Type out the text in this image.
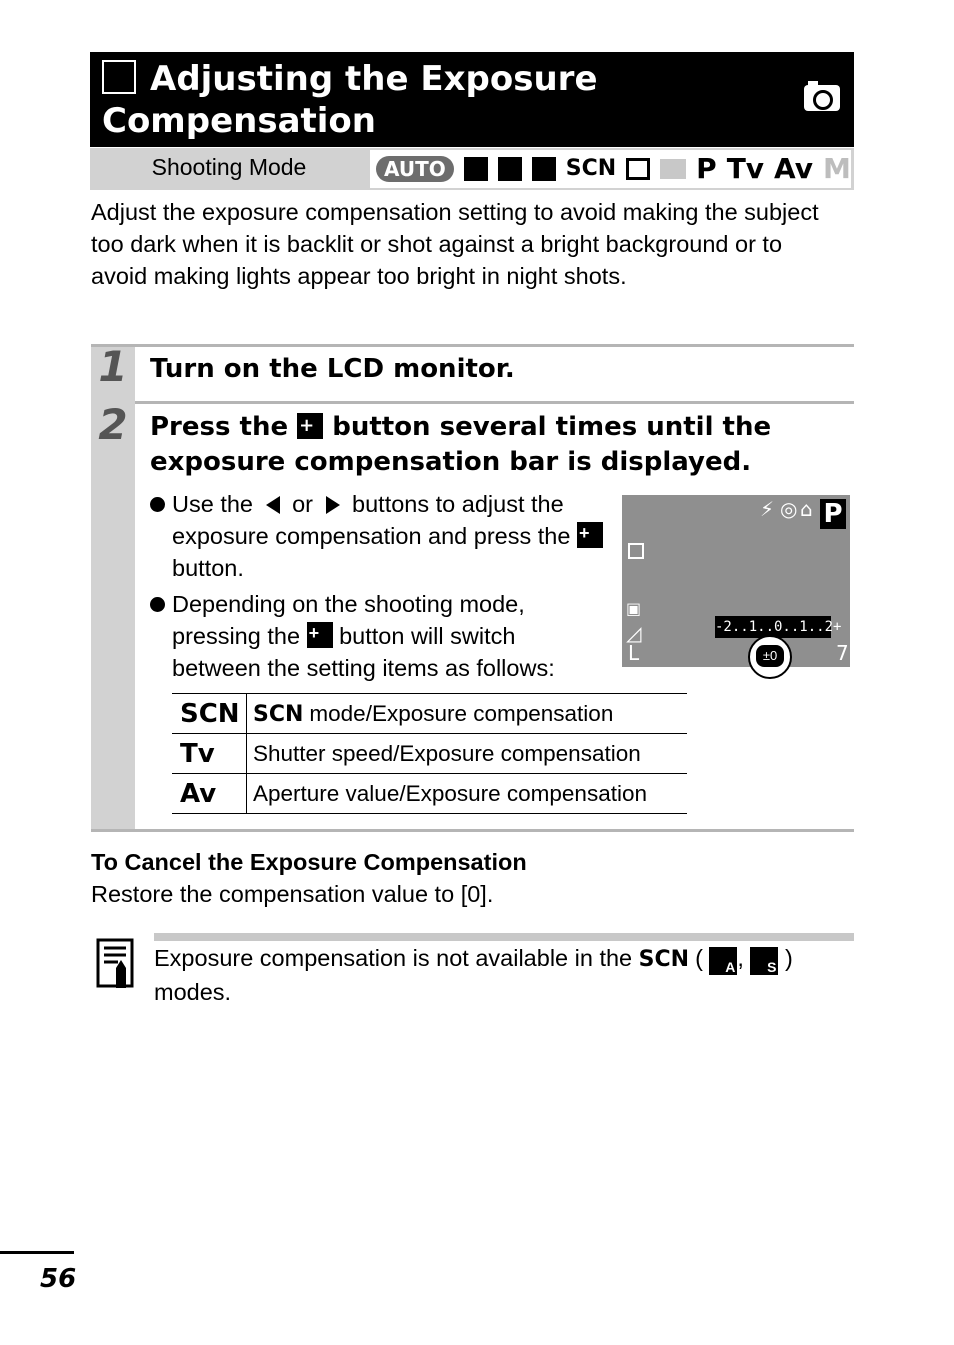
Adjusting the Exposure Compensation
Shooting Mode	AUTO	SCN	P Tv Av M
Adjust the exposure compensation setting to avoid making the subject too dark when it is backlit or shot against a bright background or to avoid making lights appear too bright in night shots.
1 Turn on the LCD monitor.
2 Press the + button several times until the exposure compensation bar is displayed.
Use the or buttons to adjust the exposure compensation and press the + button.
Depending on the shooting mode, pressing the + button will switch between the setting items as follows:
⚡ ◎ ⌂ P
▣
◿
L
-2..1..0..1..2+
±0
7
SCN	SCN mode/Exposure compensation
Tv	Shutter speed/Exposure compensation
Av	Aperture value/Exposure compensation
To Cancel the Exposure Compensation
Restore the compensation value to [0].
Exposure compensation is not available in the SCN ( A, S ) modes.
56
